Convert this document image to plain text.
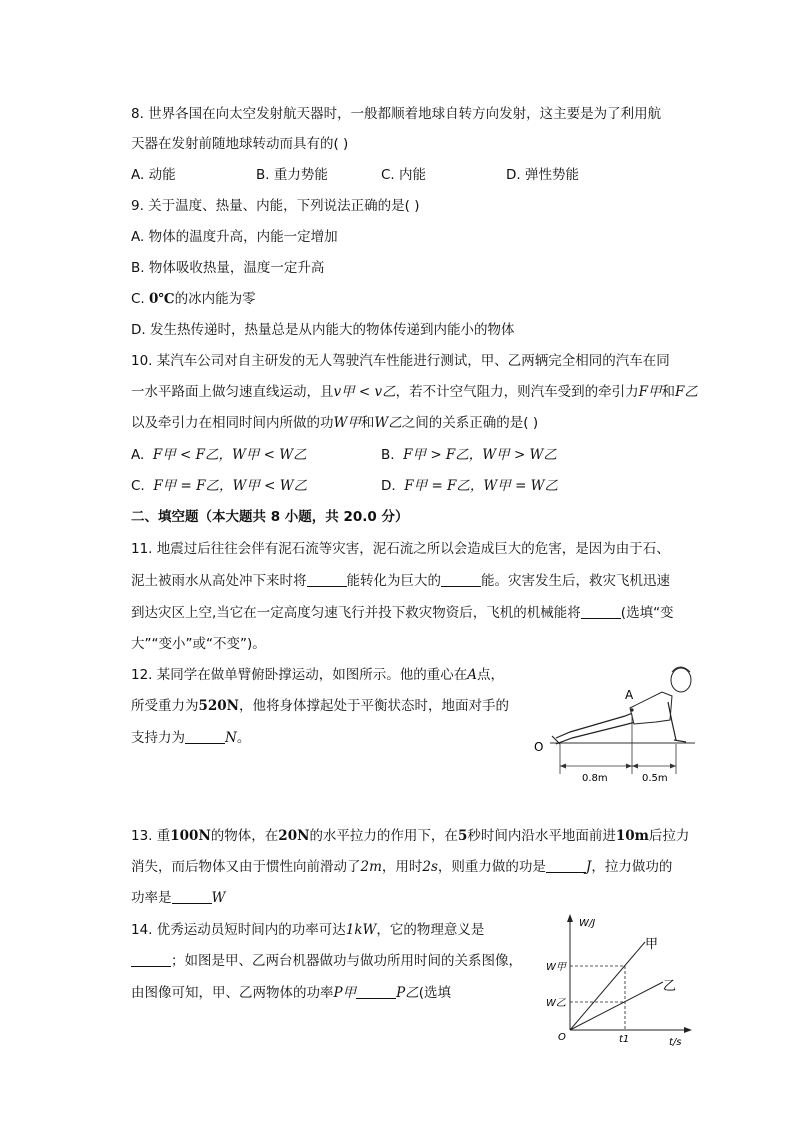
8. 世界各国在向太空发射航天器时，一般都顺着地球自转方向发射，这主要是为了利用航
天器在发射前随地球转动而具有的( )
A. 动能	B. 重力势能	C. 内能	D. 弹性势能
9. 关于温度、热量、内能，下列说法正确的是( )
A. 物体的温度升高，内能一定增加
B. 物体吸收热量，温度一定升高
C. 0℃的冰内能为零
D. 发生热传递时，热量总是从内能大的物体传递到内能小的物体
10. 某汽车公司对自主研发的无人驾驶汽车性能进行测试，甲、乙两辆完全相同的汽车在同
一水平路面上做匀速直线运动，且v甲 < v乙，若不计空气阻力，则汽车受到的牵引力F甲和F乙
以及牵引力在相同时间内所做的功W甲和W乙之间的关系正确的是( )
A. F甲 < F乙，W甲 < W乙	B. F甲 > F乙，W甲 > W乙
C. F甲 = F乙，W甲 < W乙	D. F甲 = F乙，W甲 = W乙
二、填空题（本大题共 8 小题，共 20.0 分）
11. 地震过后往往会伴有泥石流等灾害，泥石流之所以会造成巨大的危害，是因为由于石、
泥土被雨水从高处冲下来时将	能转化为巨大的	能。灾害发生后，救灾飞机迅速
到达灾区上空,当它在一定高度匀速飞行并投下救灾物资后，飞机的机械能将	(选填“变
大”“变小”或“不变”)。
12. 某同学在做单臂俯卧撑运动，如图所示。他的重心在A点，
所受重力为520N，他将身体撑起处于平衡状态时，地面对手的
支持力为	N。
A
O
0.8m	0.5m
13. 重100N的物体，在20N的水平拉力的作用下，在5秒时间内沿水平地面前进10m后拉力
消失，而后物体又由于惯性向前滑动了2m，用时2s，则重力做的功是	J，拉力做功的
功率是	W
14. 优秀运动员短时间内的功率可达1kW，它的物理意义是
；如图是甲、乙两台机器做功与做功所用时间的关系图像，
由图像可知，甲、乙两物体的功率P甲	P乙(选填
W/J
t/s
O
W甲
W乙
t1
甲
乙
